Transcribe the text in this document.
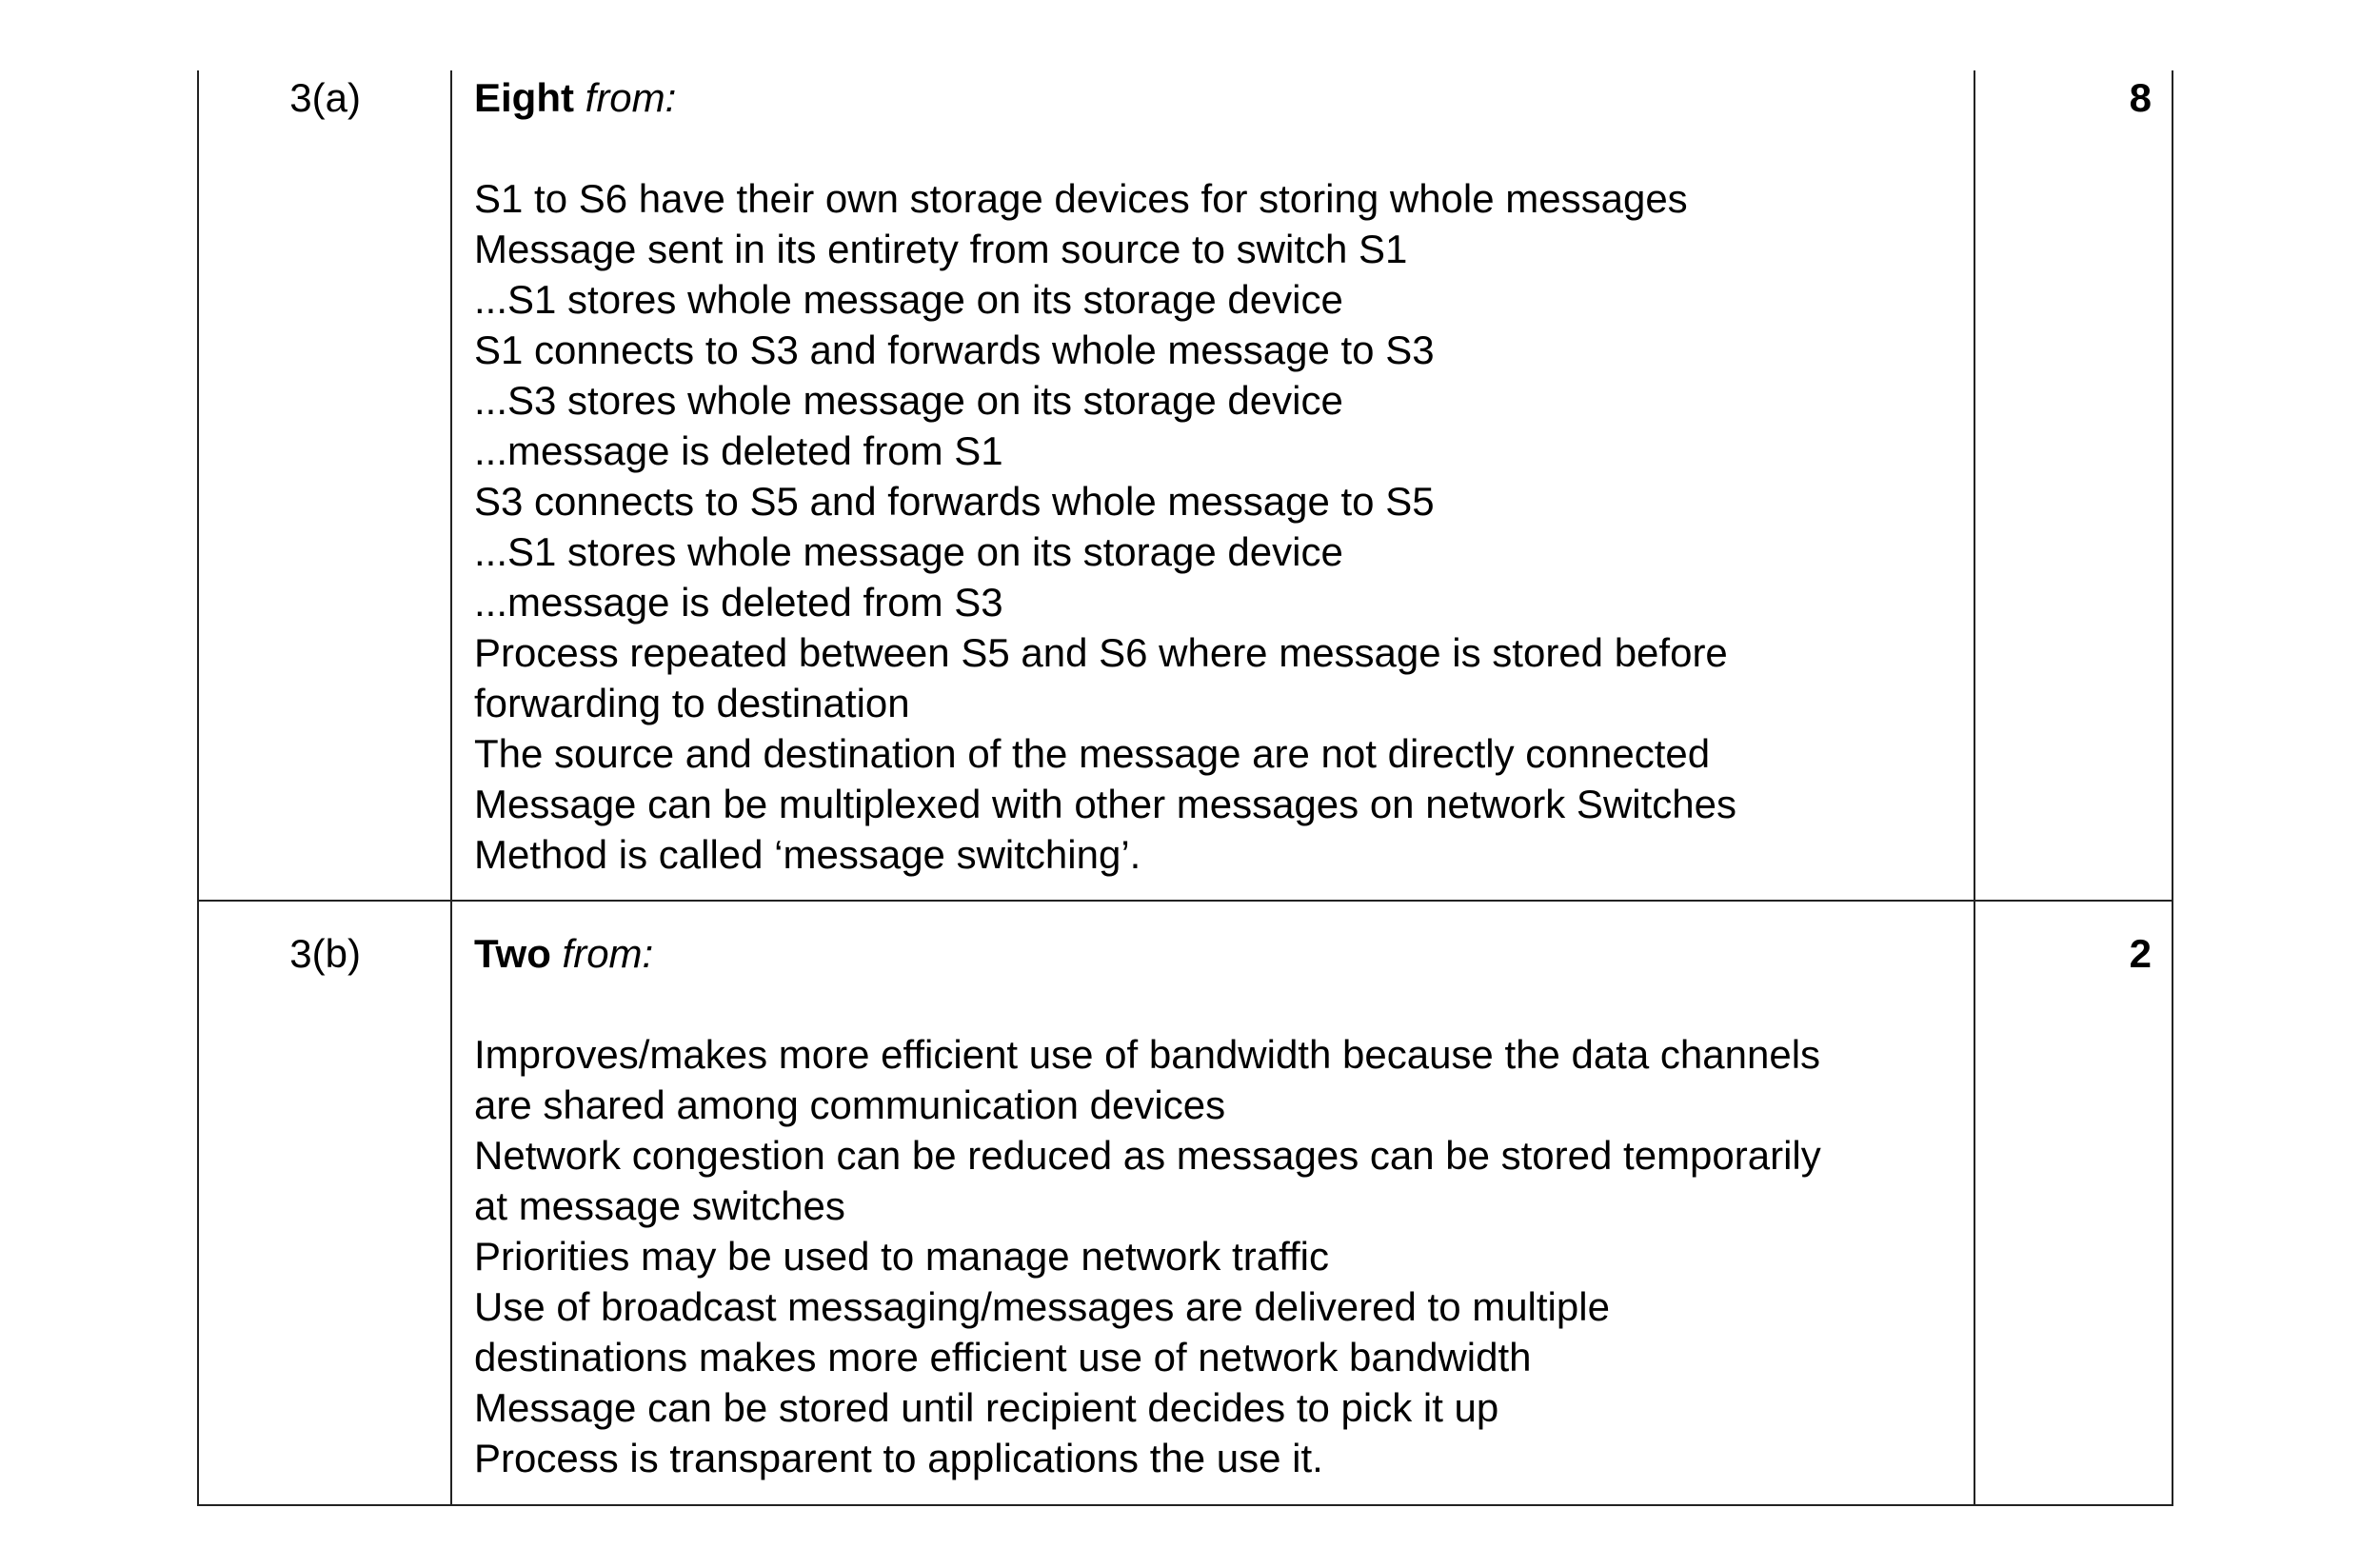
3(a)	Eight from:

S1 to S6 have their own storage devices for storing whole messages
Message sent in its entirety from source to switch S1
...S1 stores whole message on its storage device
S1 connects to S3 and forwards whole message to S3
...S3 stores whole message on its storage device
...message is deleted from S1
S3 connects to S5 and forwards whole message to S5
...S1 stores whole message on its storage device
...message is deleted from S3
Process repeated between S5 and S6 where message is stored before
forwarding to destination
The source and destination of the message are not directly connected
Message can be multiplexed with other messages on network Switches
Method is called ‘message switching’.
8
3(b)	Two from:

Improves/makes more efficient use of bandwidth because the data channels
are shared among communication devices
Network congestion can be reduced as messages can be stored temporarily
at message switches
Priorities may be used to manage network traffic
Use of broadcast messaging/messages are delivered to multiple
destinations makes more efficient use of network bandwidth
Message can be stored until recipient decides to pick it up
Process is transparent to applications the use it.
2
